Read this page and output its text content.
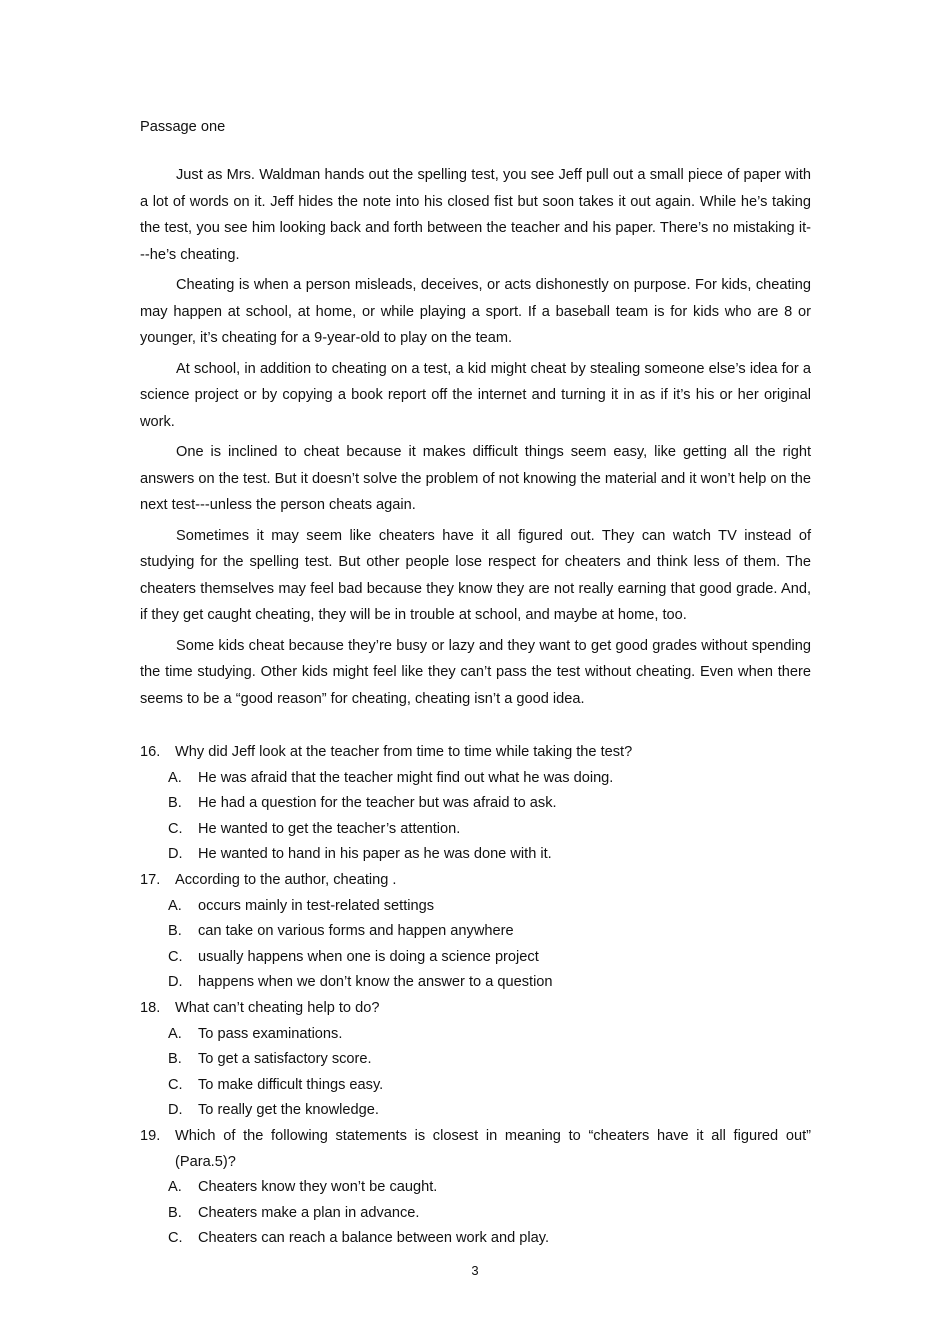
Passage one

Just as Mrs. Waldman hands out the spelling test, you see Jeff pull out a small piece of paper with a lot of words on it. Jeff hides the note into his closed fist but soon takes it out again. While he’s taking the test, you see him looking back and forth between the teacher and his paper. There’s no mistaking it---he’s cheating.

Cheating is when a person misleads, deceives, or acts dishonestly on purpose. For kids, cheating may happen at school, at home, or while playing a sport. If a baseball team is for kids who are 8 or younger, it’s cheating for a 9-year-old to play on the team.

At school, in addition to cheating on a test, a kid might cheat by stealing someone else’s idea for a science project or by copying a book report off the internet and turning it in as if it’s his or her original work.

One is inclined to cheat because it makes difficult things seem easy, like getting all the right answers on the test. But it doesn’t solve the problem of not knowing the material and it won’t help on the next test---unless the person cheats again.

Sometimes it may seem like cheaters have it all figured out. They can watch TV instead of studying for the spelling test. But other people lose respect for cheaters and think less of them. The cheaters themselves may feel bad because they know they are not really earning that good grade. And, if they get caught cheating, they will be in trouble at school, and maybe at home, too.

Some kids cheat because they’re busy or lazy and they want to get good grades without spending the time studying. Other kids might feel like they can’t pass the test without cheating. Even when there seems to be a “good reason” for cheating, cheating isn’t a good idea.

16.	Why did Jeff look at the teacher from time to time while taking the test?
A.	He was afraid that the teacher might find out what he was doing.
B.	He had a question for the teacher but was afraid to ask.
C.	He wanted to get the teacher’s attention.
D.	He wanted to hand in his paper as he was done with it.
17.	According to the author, cheating .
A.	occurs mainly in test-related settings
B.	can take on various forms and happen anywhere
C.	usually happens when one is doing a science project
D.	happens when we don’t know the answer to a question
18.	What can’t cheating help to do?
A.	To pass examinations.
B.	To get a satisfactory score.
C.	To make difficult things easy.
D.	To really get the knowledge.
19.	Which of the following statements is closest in meaning to “cheaters have it all figured out” (Para.5)?
A.	Cheaters know they won’t be caught.
B.	Cheaters make a plan in advance.
C.	Cheaters can reach a balance between work and play.
3
